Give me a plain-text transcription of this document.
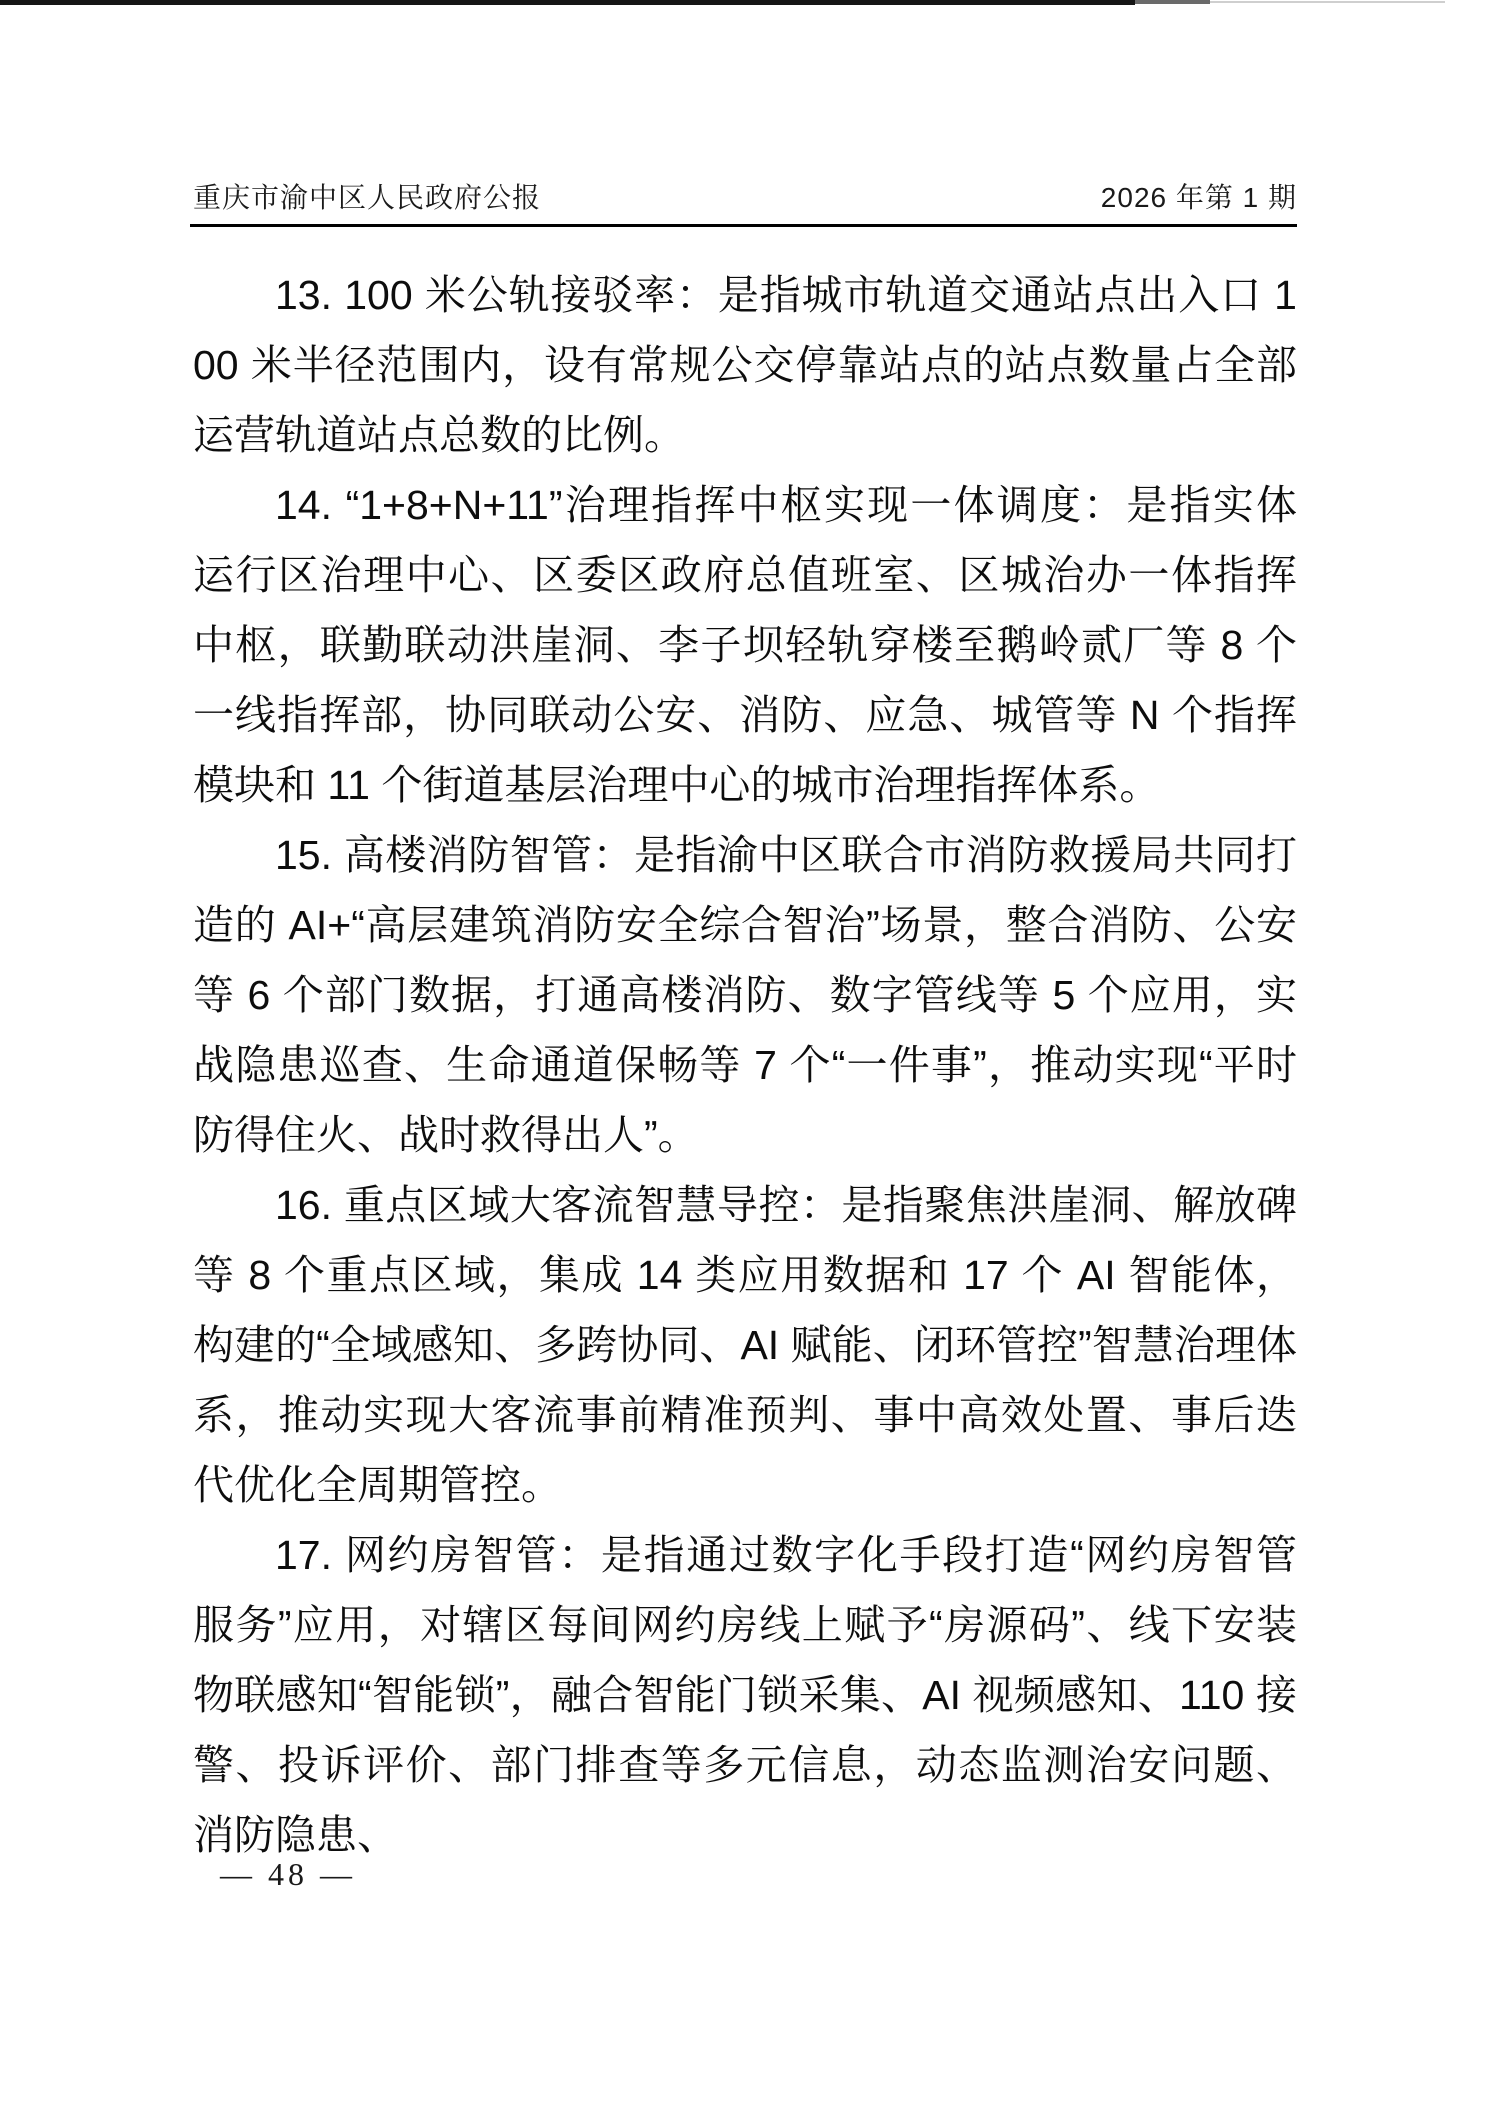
重庆市渝中区人民政府公报	2026 年第 1 期

13. 100 米公轨接驳率：是指城市轨道交通站点出入口 100 米半径范围内，设有常规公交停靠站点的站点数量占全部运营轨道站点总数的比例。

14. “1+8+N+11”治理指挥中枢实现一体调度：是指实体运行区治理中心、区委区政府总值班室、区城治办一体指挥中枢，联勤联动洪崖洞、李子坝轻轨穿楼至鹅岭贰厂等 8 个一线指挥部，协同联动公安、消防、应急、城管等 N 个指挥模块和 11 个街道基层治理中心的城市治理指挥体系。

15. 高楼消防智管：是指渝中区联合市消防救援局共同打造的 AI+“高层建筑消防安全综合智治”场景，整合消防、公安等 6 个部门数据，打通高楼消防、数字管线等 5 个应用，实战隐患巡查、生命通道保畅等 7 个“一件事”，推动实现“平时防得住火、战时救得出人”。

16. 重点区域大客流智慧导控：是指聚焦洪崖洞、解放碑等 8 个重点区域，集成 14 类应用数据和 17 个 AI 智能体，构建的“全域感知、多跨协同、AI 赋能、闭环管控”智慧治理体系，推动实现大客流事前精准预判、事中高效处置、事后迭代优化全周期管控。

17. 网约房智管：是指通过数字化手段打造“网约房智管服务”应用，对辖区每间网约房线上赋予“房源码”、线下安装物联感知“智能锁”，融合智能门锁采集、AI 视频感知、110 接警、投诉评价、部门排查等多元信息，动态监测治安问题、消防隐患、

— 48 —
